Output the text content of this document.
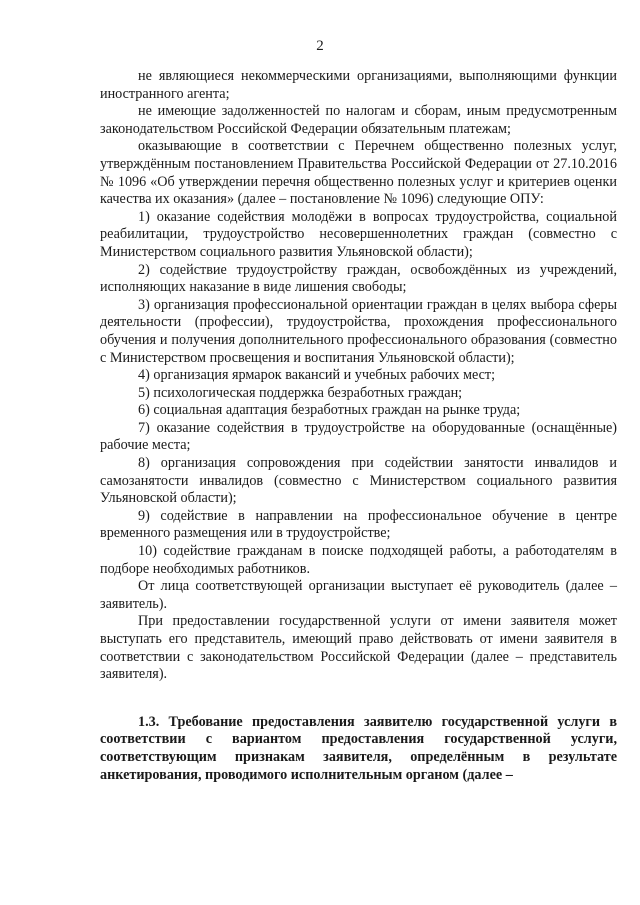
2

не являющиеся некоммерческими организациями, выполняющими функции иностранного агента;

не имеющие задолженностей по налогам и сборам, иным предусмотренным законодательством Российской Федерации обязательным платежам;

оказывающие в соответствии с Перечнем общественно полезных услуг, утверждённым постановлением Правительства Российской Федерации от 27.10.2016 № 1096 «Об утверждении перечня общественно полезных услуг и критериев оценки качества их оказания» (далее – постановление № 1096) следующие ОПУ:

1) оказание содействия молодёжи в вопросах трудоустройства, социальной реабилитации, трудоустройство несовершеннолетних граждан (совместно с Министерством социального развития Ульяновской области);

2) содействие трудоустройству граждан, освобождённых из учреждений, исполняющих наказание в виде лишения свободы;

3) организация профессиональной ориентации граждан в целях выбора сферы деятельности (профессии), трудоустройства, прохождения профессионального обучения и получения дополнительного профессионального образования (совместно с Министерством просвещения и воспитания Ульяновской области);

4) организация ярмарок вакансий и учебных рабочих мест;

5) психологическая поддержка безработных граждан;

6) социальная адаптация безработных граждан на рынке труда;

7) оказание содействия в трудоустройстве на оборудованные (оснащённые) рабочие места;

8) организация сопровождения при содействии занятости инвалидов и самозанятости инвалидов (совместно с Министерством социального развития Ульяновской области);

9) содействие в направлении на профессиональное обучение в центре временного размещения или в трудоустройстве;

10) содействие гражданам в поиске подходящей работы, а работодателям в подборе необходимых работников.

От лица соответствующей организации выступает её руководитель (далее – заявитель).

При предоставлении государственной услуги от имени заявителя может выступать его представитель, имеющий право действовать от имени заявителя в соответствии с законодательством Российской Федерации (далее – представитель заявителя).

1.3. Требование предоставления заявителю государственной услуги в соответствии с вариантом предоставления государственной услуги, соответствующим признакам заявителя, определённым в результате анкетирования, проводимого исполнительным органом (далее –
